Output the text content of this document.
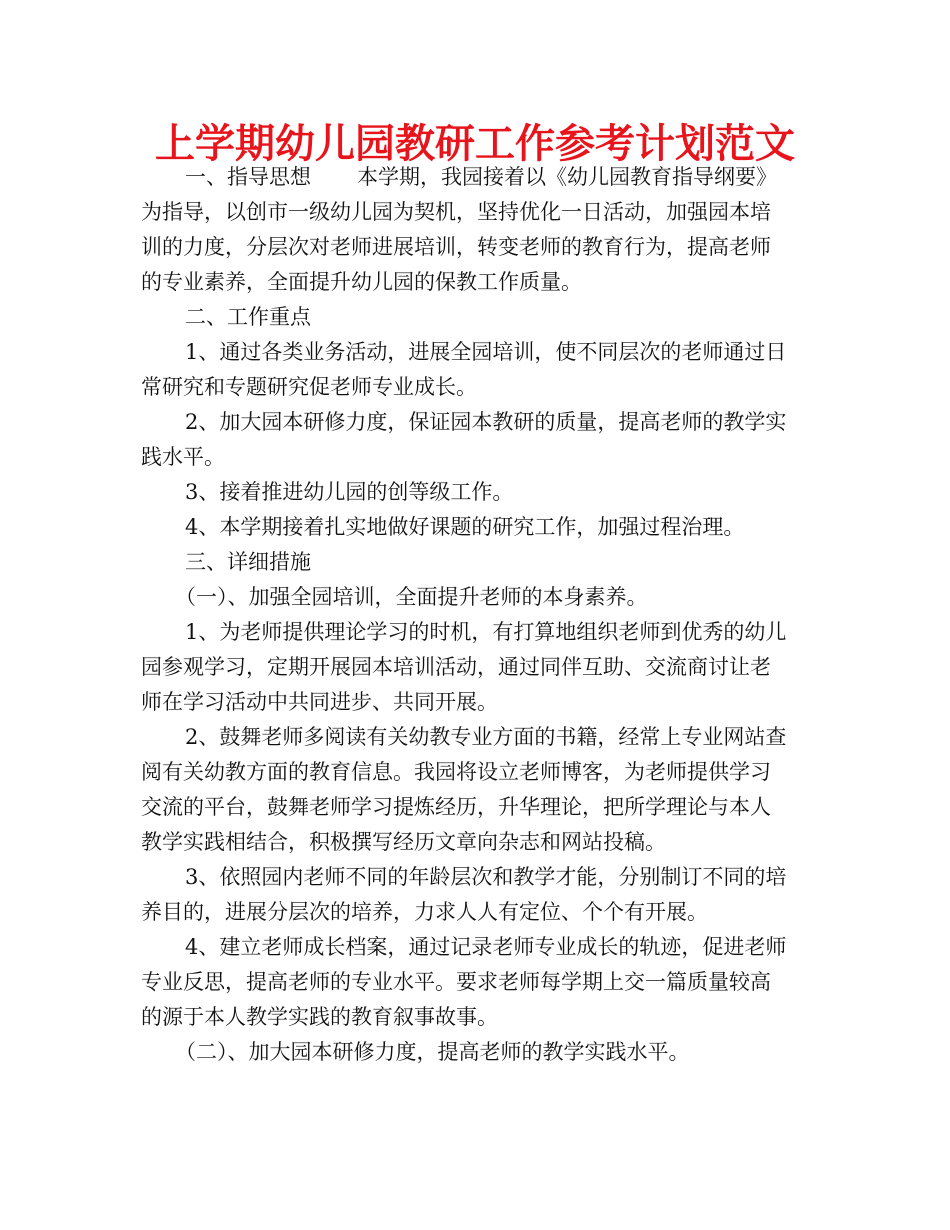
上学期幼儿园教研工作参考计划范文
一、指导思想 本学期，我园接着以《幼儿园教育指导纲要》
为指导，以创市一级幼儿园为契机，坚持优化一日活动，加强园本培
训的力度，分层次对老师进展培训，转变老师的教育行为，提高老师
的专业素养，全面提升幼儿园的保教工作质量。
二、工作重点
1、通过各类业务活动，进展全园培训，使不同层次的老师通过日
常研究和专题研究促老师专业成长。
2、加大园本研修力度，保证园本教研的质量，提高老师的教学实
践水平。
3、接着推进幼儿园的创等级工作。
4、本学期接着扎实地做好课题的研究工作，加强过程治理。
三、详细措施
（一）、加强全园培训，全面提升老师的本身素养。
1、为老师提供理论学习的时机，有打算地组织老师到优秀的幼儿
园参观学习，定期开展园本培训活动，通过同伴互助、交流商讨让老
师在学习活动中共同进步、共同开展。
2、鼓舞老师多阅读有关幼教专业方面的书籍，经常上专业网站查
阅有关幼教方面的教育信息。我园将设立老师博客，为老师提供学习
交流的平台，鼓舞老师学习提炼经历，升华理论，把所学理论与本人
教学实践相结合，积极撰写经历文章向杂志和网站投稿。
3、依照园内老师不同的年龄层次和教学才能，分别制订不同的培
养目的，进展分层次的培养，力求人人有定位、个个有开展。
4、建立老师成长档案，通过记录老师专业成长的轨迹，促进老师
专业反思，提高老师的专业水平。要求老师每学期上交一篇质量较高
的源于本人教学实践的教育叙事故事。
（二）、加大园本研修力度，提高老师的教学实践水平。
